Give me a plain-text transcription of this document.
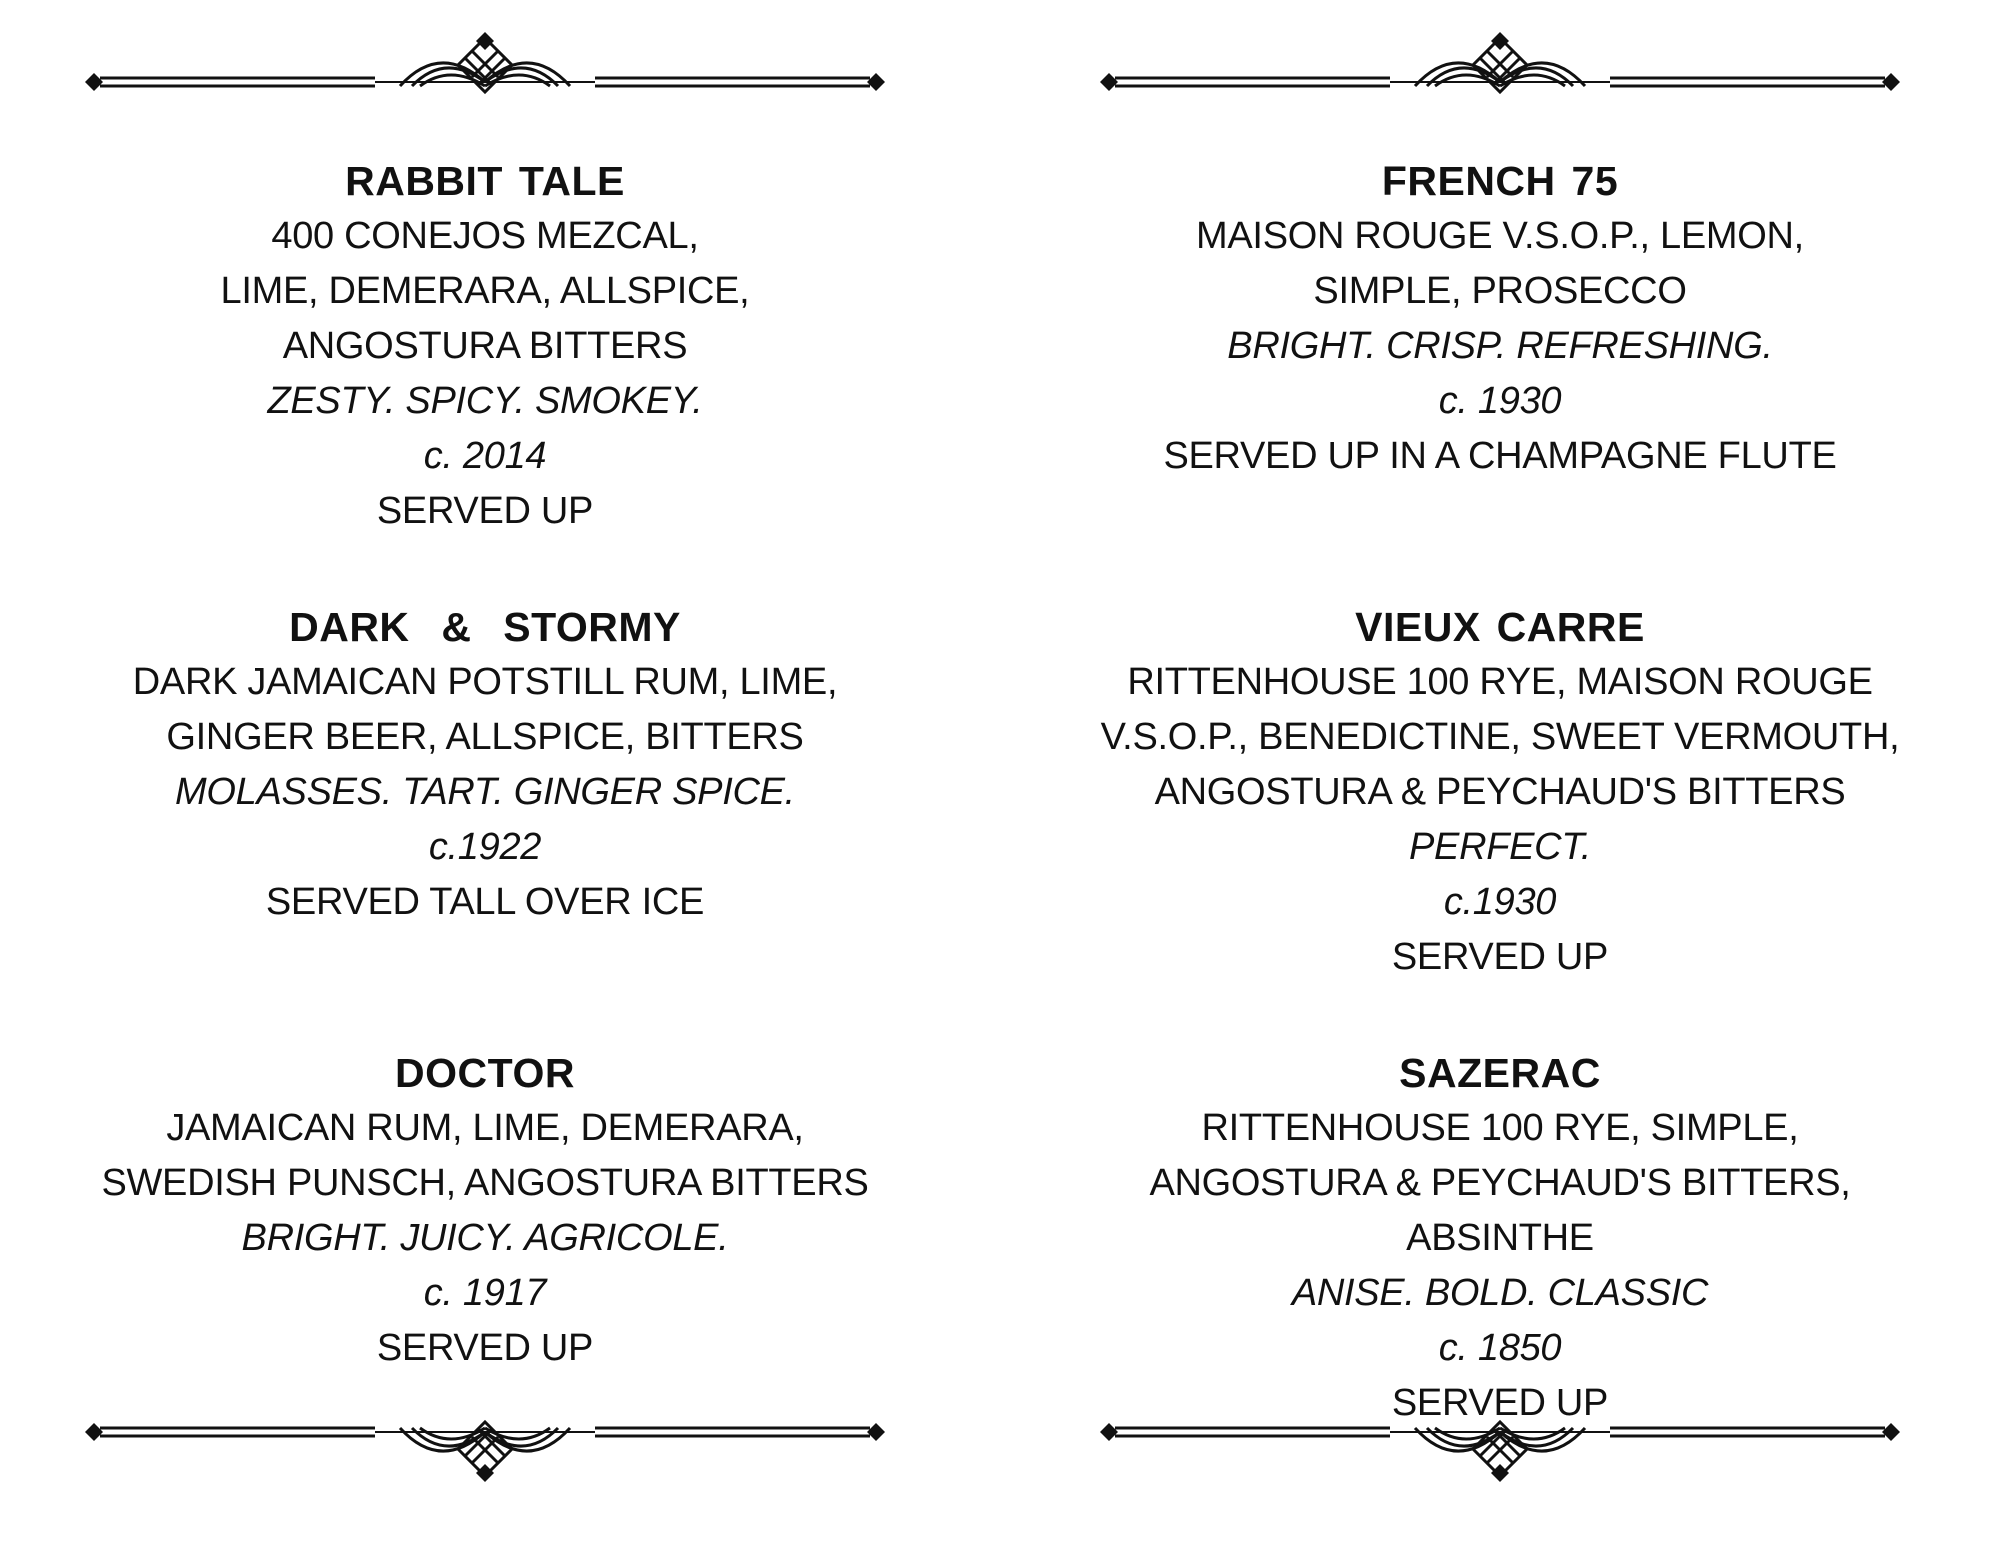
RABBIT TALE

400 CONEJOS MEZCAL,

LIME, DEMERARA, ALLSPICE,

ANGOSTURA BITTERS

ZESTY. SPICY. SMOKEY.

c. 2014

SERVED UP

DARK  &  STORMY

DARK JAMAICAN POTSTILL RUM, LIME,

GINGER BEER, ALLSPICE, BITTERS

MOLASSES. TART. GINGER SPICE.

c.1922

SERVED TALL OVER ICE

DOCTOR

JAMAICAN RUM, LIME, DEMERARA,

SWEDISH PUNSCH, ANGOSTURA BITTERS

BRIGHT. JUICY. AGRICOLE.

c. 1917

SERVED UP

FRENCH 75

MAISON ROUGE V.S.O.P., LEMON,

SIMPLE, PROSECCO

BRIGHT. CRISP. REFRESHING.

c. 1930

SERVED UP IN A CHAMPAGNE FLUTE

VIEUX CARRE

RITTENHOUSE 100 RYE, MAISON ROUGE

V.S.O.P., BENEDICTINE, SWEET VERMOUTH,

ANGOSTURA & PEYCHAUD'S BITTERS

PERFECT.

c.1930

SERVED UP

SAZERAC

RITTENHOUSE 100 RYE, SIMPLE,

ANGOSTURA & PEYCHAUD'S BITTERS,

ABSINTHE

ANISE. BOLD. CLASSIC

c. 1850

SERVED UP
